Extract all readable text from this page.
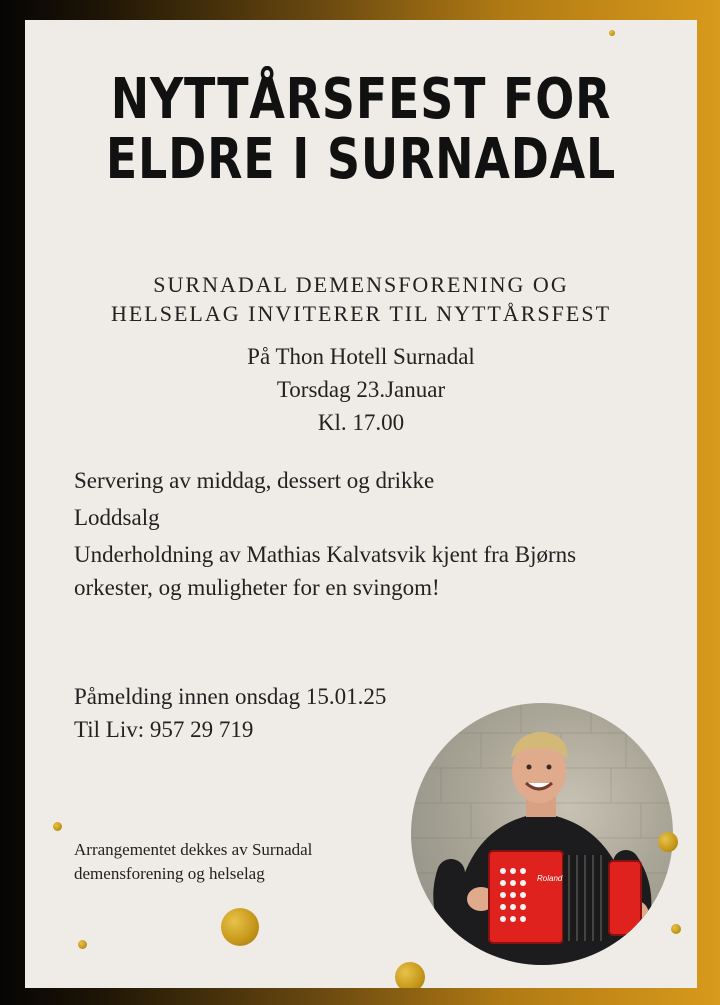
NYTTÅRSFEST FOR
ELDRE I SURNADAL
SURNADAL DEMENSFORENING OG
HELSELAG INVITERER TIL NYTTÅRSFEST
På Thon Hotell Surnadal
Torsdag 23.Januar
Kl. 17.00

Servering av middag, dessert og drikke

Loddsalg

Underholdning av Mathias Kalvatsvik kjent fra Bjørns orkester, og muligheter for en svingom!

Påmelding innen onsdag 15.01.25
Til Liv: 957 29 719

Arrangementet dekkes av Surnadal demensforening og helselag	Roland
